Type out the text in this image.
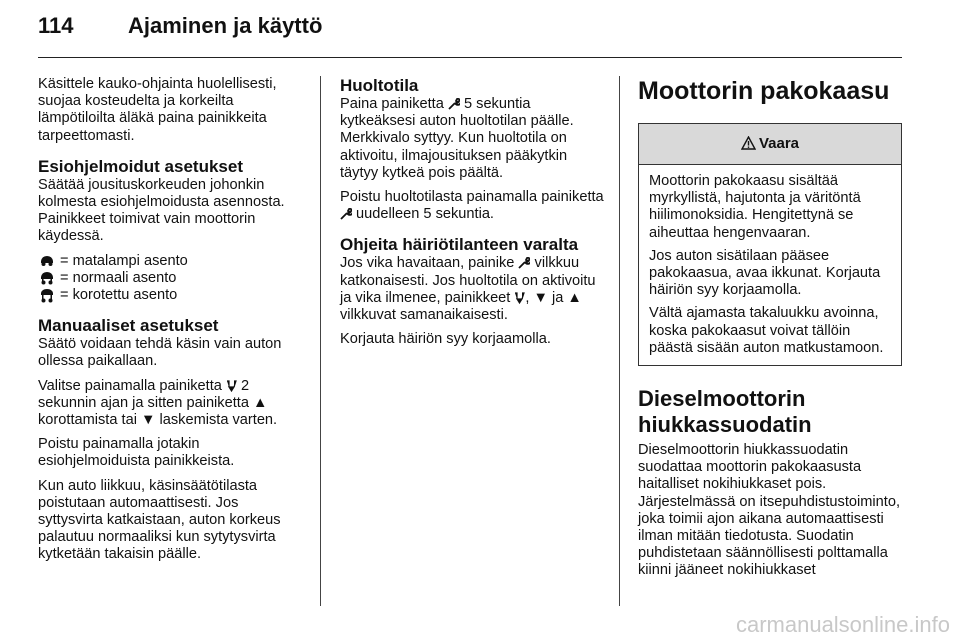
114	Ajaminen ja käyttö

Käsittele kauko-ohjainta huolellisesti, suojaa kosteudelta ja korkeilta lämpötiloilta äläkä paina painikkeita tarpeettomasti.

Esiohjelmoidut asetukset

Säätää jousituskorkeuden johonkin kolmesta esiohjelmoidusta asennosta. Painikkeet toimivat vain moottorin käydessä.

= matalampi asento
= normaali asento
= korotettu asento
Manuaaliset asetukset

Säätö voidaan tehdä käsin vain auton ollessa paikallaan.

Valitse painamalla painiketta  2 sekunnin ajan ja sitten painiketta ▲ korottamista tai ▼ laskemista varten.

Poistu painamalla jotakin esiohjelmoiduista painikkeista.

Kun auto liikkuu, käsinsäätötilasta poistutaan automaattisesti. Jos syttysvirta katkaistaan, auton korkeus palautuu normaaliksi kun sytytysvirta kytketään takaisin päälle.

Huoltotila

Paina painiketta  5 sekuntia kytkeäksesi auton huoltotilan päälle. Merkkivalo syttyy. Kun huoltotila on aktivoitu, ilmajousituksen pääkytkin täytyy kytkeä pois päältä.

Poistu huoltotilasta painamalla painiketta  uudelleen 5 sekuntia.

Ohjeita häiriötilanteen varalta

Jos vika havaitaan, painike  vilkkuu katkonaisesti. Jos huoltotila on aktivoitu ja vika ilmenee, painikkeet , ▼ ja ▲ vilkkuvat samanaikaisesti.

Korjauta häiriön syy korjaamolla.

Moottorin pakokaasu
Vaara

Moottorin pakokaasu sisältää myrkyllistä, hajutonta ja väritöntä hiilimonoksidia. Hengitettynä se aiheuttaa hengenvaaran.

Jos auton sisätilaan pääsee pakokaasua, avaa ikkunat. Korjauta häiriön syy korjaamolla.

Vältä ajamasta takaluukku avoinna, koska pakokaasut voivat tällöin päästä sisään auton matkustamoon.

Dieselmoottorin hiukkassuodatin

Dieselmoottorin hiukkassuodatin suodattaa moottorin pakokaasusta haitalliset nokihiukkaset pois. Järjestelmässä on itsepuhdistustoiminto, joka toimii ajon aikana automaattisesti ilman mitään tiedotusta. Suodatin puhdistetaan säännöllisesti polttamalla kiinni jääneet nokihiukkaset

carmanualsonline.info
